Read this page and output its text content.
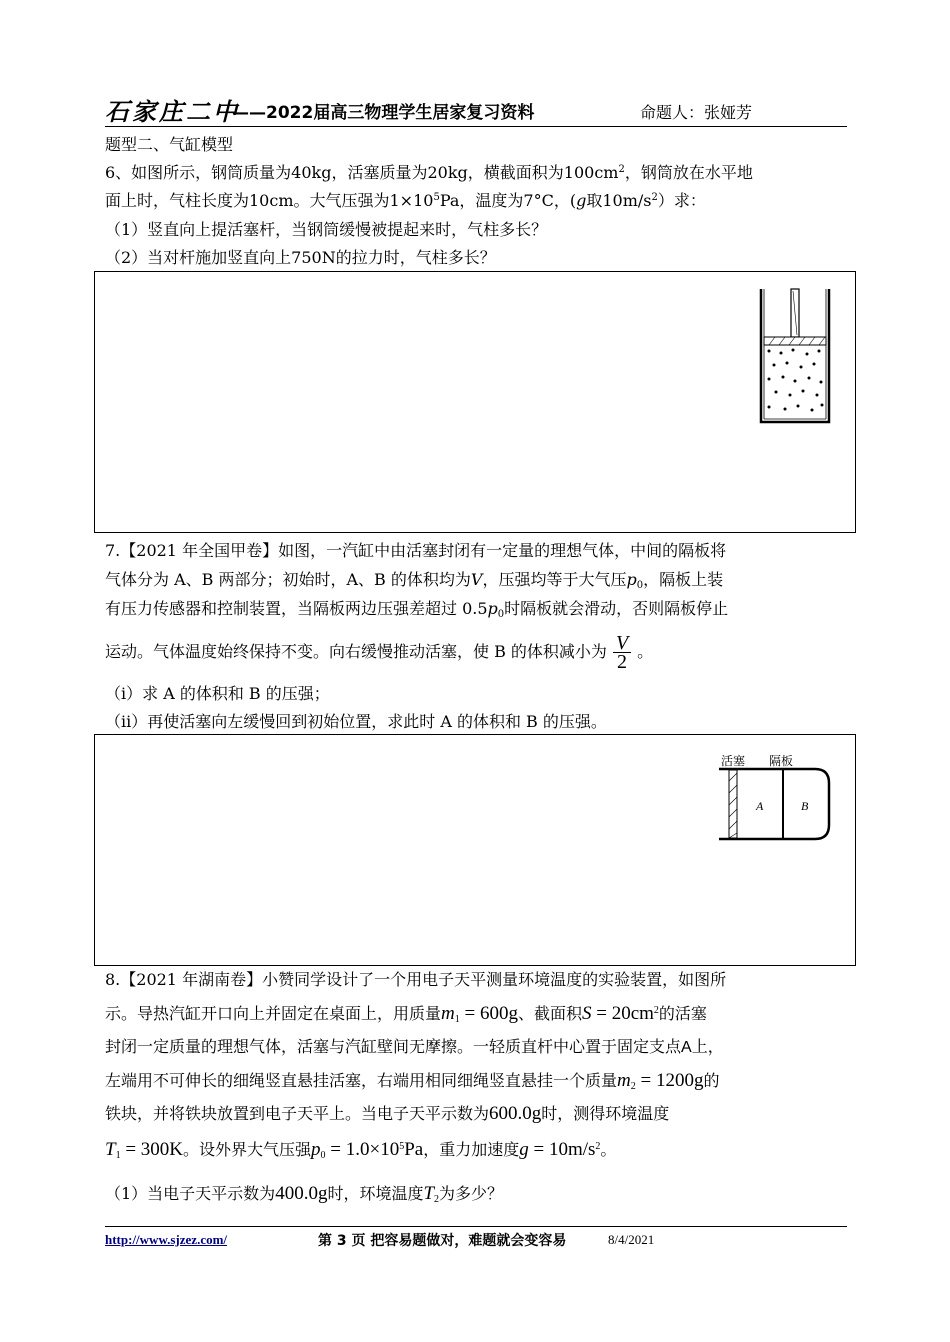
石家庄二中
——2022届高三物理学生居家复习资料	命题人：张娅芳
题型二、气缸模型
6、如图所示，钢筒质量为40kg，活塞质量为20kg，横截面积为$100cm^2$，钢筒放在水平地
面上时，气柱长度为10cm。大气压强为$1\times 10^5Pa$，温度为7°C，(g取$10m/s^2$）求：
（1）竖直向上提活塞杆，当钢筒缓慢被提起来时，气柱多长？
（2）当对杆施加竖直向上750N的拉力时，气柱多长？
7.【2021 年全国甲卷】如图，一汽缸中由活塞封闭有一定量的理想气体，中间的隔板将
气体分为 A、B 两部分；初始时，A、B 的体积均为V，压强均等于大气压$p_0$，隔板上装
有压力传感器和控制装置，当隔板两边压强差超过 $0.5p_0$时隔板就会滑动，否则隔板停止
运动。气体温度始终保持不变。向右缓慢推动活塞，使 B 的体积减小为 $\frac{V}{2}$ 。
（i）求 A 的体积和 B 的压强；
（ii）再使活塞向左缓慢回到初始位置，求此时 A 的体积和 B 的压强。
活塞 隔板
A	B
8.【2021 年湖南卷】小赞同学设计了一个用电子天平测量环境温度的实验装置，如图所
示。导热汽缸开口向上并固定在桌面上，用质量$m_1 = 600g$、截面积$S = 20cm^2$的活塞
封闭一定质量的理想气体，活塞与汽缸壁间无摩擦。一轻质直杆中心置于固定支点A上，
左端用不可伸长的细绳竖直悬挂活塞，右端用相同细绳竖直悬挂一个质量$m_2 = 1200g$的
铁块，并将铁块放置到电子天平上。当电子天平示数为600.0g时，测得环境温度
$T_1 = 300K$。设外界大气压强$p_0 = 1.0\times 10^5Pa$，重力加速度$g = 10m/s^2$。
（1）当电子天平示数为400.0g时，环境温度$T_2$为多少？
http://www.sjzez.com/	第 3 页 把容易题做对，难题就会变容易	8/4/2021
